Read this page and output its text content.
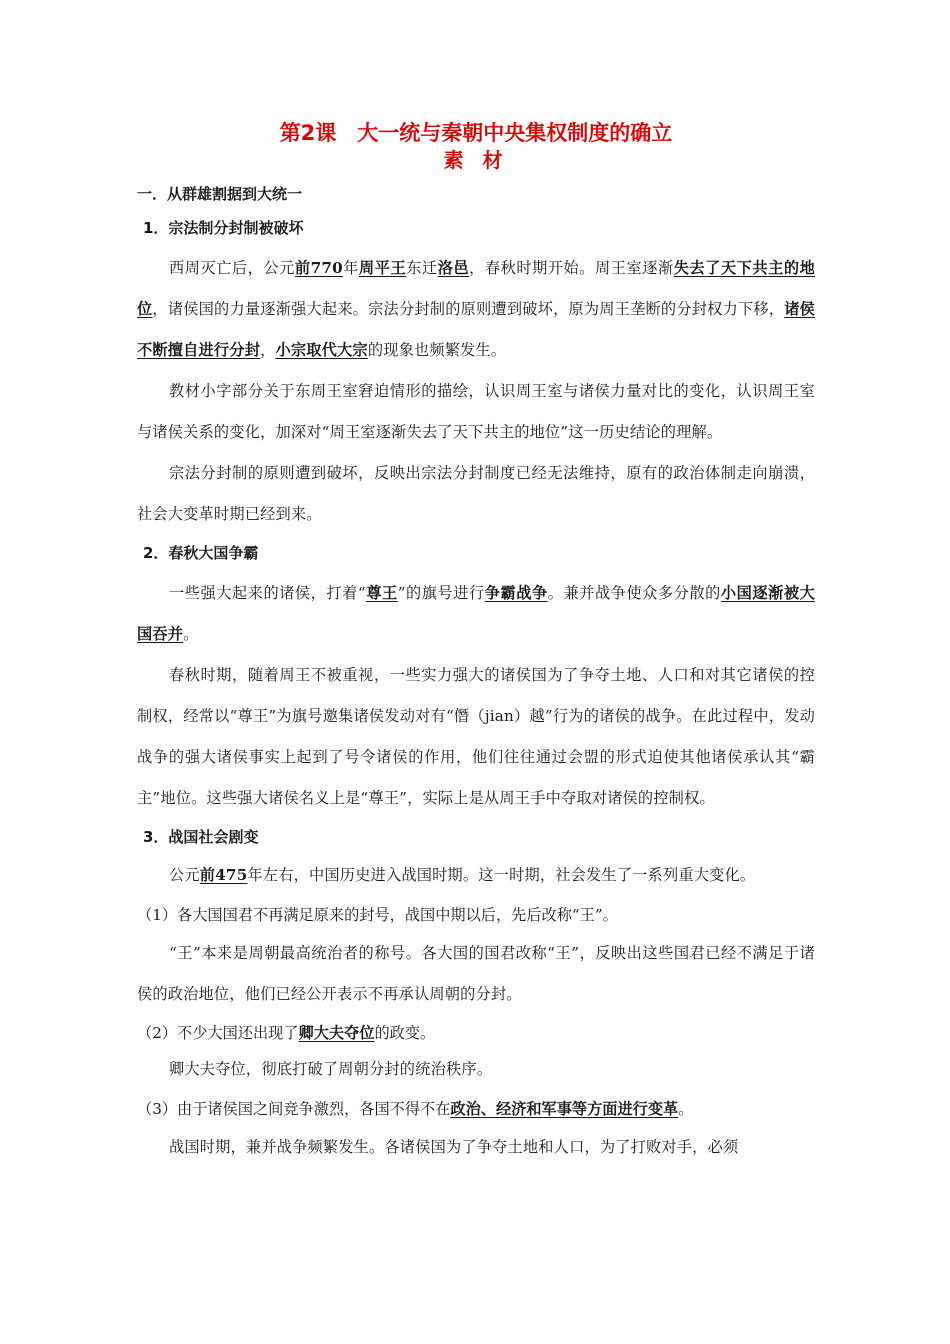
第2课　大一统与秦朝中央集权制度的确立
素 材
一．从群雄割据到大统一
1．宗法制分封制被破坏

西周灭亡后，公元前770年周平王东迁洛邑，春秋时期开始。周王室逐渐失去了天下共主的地位，诸侯国的力量逐渐强大起来。宗法分封制的原则遭到破坏，原为周王垄断的分封权力下移，诸侯不断擅自进行分封，小宗取代大宗的现象也频繁发生。

教材小字部分关于东周王室窘迫情形的描绘，认识周王室与诸侯力量对比的变化，认识周王室与诸侯关系的变化，加深对“周王室逐渐失去了天下共主的地位”这一历史结论的理解。

宗法分封制的原则遭到破坏，反映出宗法分封制度已经无法维持，原有的政治体制走向崩溃，社会大变革时期已经到来。

2．春秋大国争霸

一些强大起来的诸侯，打着“尊王”的旗号进行争霸战争。兼并战争使众多分散的小国逐渐被大国吞并。

春秋时期，随着周王不被重视，一些实力强大的诸侯国为了争夺土地、人口和对其它诸侯的控制权，经常以“尊王”为旗号邀集诸侯发动对有“僭（jian）越”行为的诸侯的战争。在此过程中，发动战争的强大诸侯事实上起到了号令诸侯的作用，他们往往通过会盟的形式迫使其他诸侯承认其“霸主”地位。这些强大诸侯名义上是“尊王”，实际上是从周王手中夺取对诸侯的控制权。

3．战国社会剧变

公元前475年左右，中国历史进入战国时期。这一时期，社会发生了一系列重大变化。

（1）各大国国君不再满足原来的封号，战国中期以后，先后改称“王”。

“王”本来是周朝最高统治者的称号。各大国的国君改称“王”，反映出这些国君已经不满足于诸侯的政治地位，他们已经公开表示不再承认周朝的分封。

（2）不少大国还出现了卿大夫夺位的政变。

卿大夫夺位，彻底打破了周朝分封的统治秩序。

（3）由于诸侯国之间竞争激烈，各国不得不在政治、经济和军事等方面进行变革。

战国时期，兼并战争频繁发生。各诸侯国为了争夺土地和人口，为了打败对手，必须
